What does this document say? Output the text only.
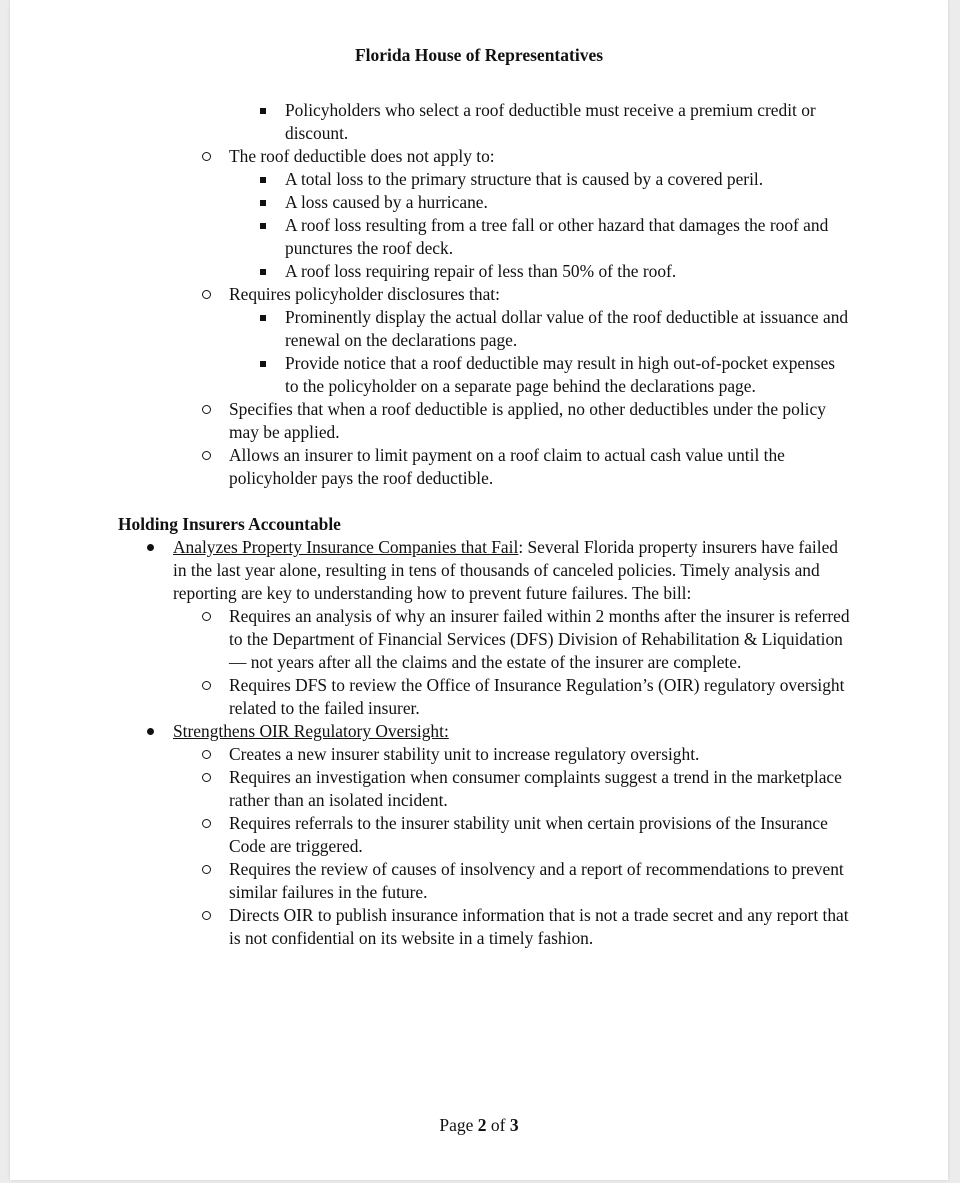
Florida House of Representatives
Policyholders who select a roof deductible must receive a premium credit or discount.
The roof deductible does not apply to:
A total loss to the primary structure that is caused by a covered peril.
A loss caused by a hurricane.
A roof loss resulting from a tree fall or other hazard that damages the roof and punctures the roof deck.
A roof loss requiring repair of less than 50% of the roof.
Requires policyholder disclosures that:
Prominently display the actual dollar value of the roof deductible at issuance and renewal on the declarations page.
Provide notice that a roof deductible may result in high out-of-pocket expenses to the policyholder on a separate page behind the declarations page.
Specifies that when a roof deductible is applied, no other deductibles under the policy may be applied.
Allows an insurer to limit payment on a roof claim to actual cash value until the policyholder pays the roof deductible.
Holding Insurers Accountable
Analyzes Property Insurance Companies that Fail: Several Florida property insurers have failed in the last year alone, resulting in tens of thousands of canceled policies. Timely analysis and reporting are key to understanding how to prevent future failures. The bill:
Requires an analysis of why an insurer failed within 2 months after the insurer is referred to the Department of Financial Services (DFS) Division of Rehabilitation & Liquidation — not years after all the claims and the estate of the insurer are complete.
Requires DFS to review the Office of Insurance Regulation’s (OIR) regulatory oversight related to the failed insurer.
Strengthens OIR Regulatory Oversight:
Creates a new insurer stability unit to increase regulatory oversight.
Requires an investigation when consumer complaints suggest a trend in the marketplace rather than an isolated incident.
Requires referrals to the insurer stability unit when certain provisions of the Insurance Code are triggered.
Requires the review of causes of insolvency and a report of recommendations to prevent similar failures in the future.
Directs OIR to publish insurance information that is not a trade secret and any report that is not confidential on its website in a timely fashion.
Page 2 of 3
